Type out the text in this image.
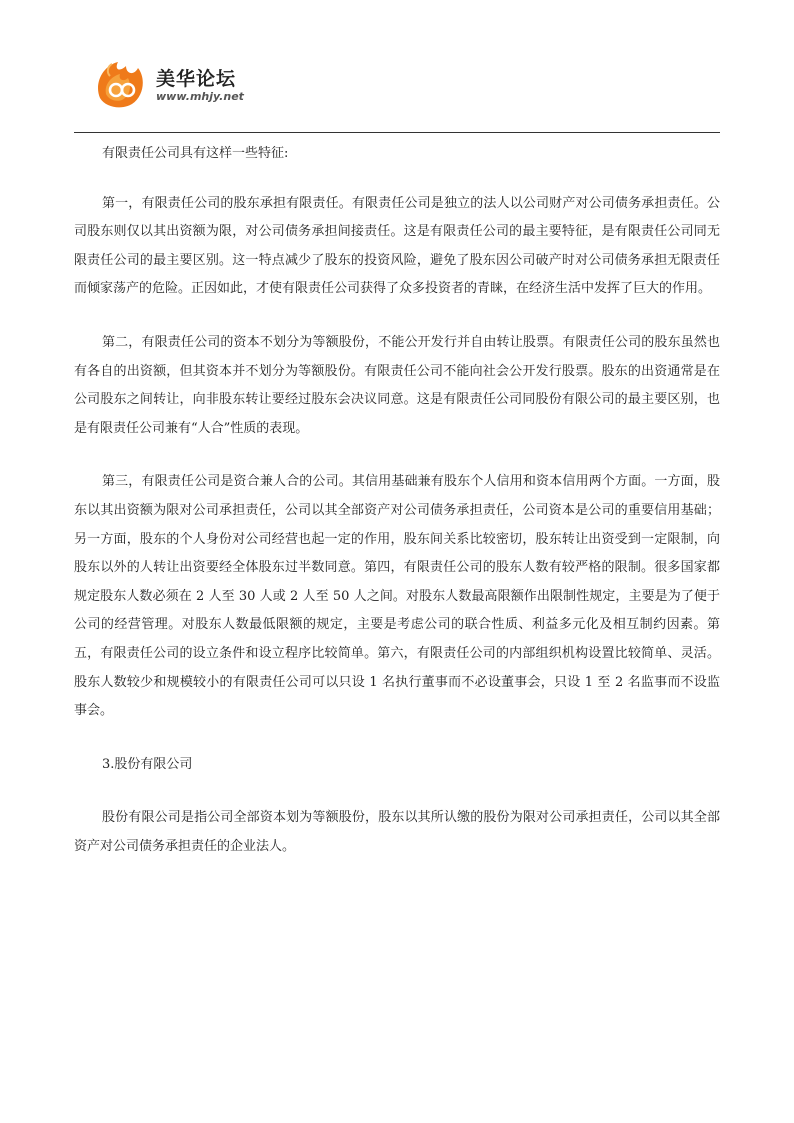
美华论坛
www.mhjy.net

有限责任公司具有这样一些特征:

第一，有限责任公司的股东承担有限责任。有限责任公司是独立的法人以公司财产对公司债务承担责任。公司股东则仅以其出资额为限，对公司债务承担间接责任。这是有限责任公司的最主要特征，是有限责任公司同无限责任公司的最主要区别。这一特点减少了股东的投资风险，避免了股东因公司破产时对公司债务承担无限责任而倾家荡产的危险。正因如此，才使有限责任公司获得了众多投资者的青睐，在经济生活中发挥了巨大的作用。

第二，有限责任公司的资本不划分为等额股份，不能公开发行并自由转让股票。有限责任公司的股东虽然也有各自的出资额，但其资本并不划分为等额股份。有限责任公司不能向社会公开发行股票。股东的出资通常是在公司股东之间转让，向非股东转让要经过股东会决议同意。这是有限责任公司同股份有限公司的最主要区别，也是有限责任公司兼有“人合”性质的表现。

第三，有限责任公司是资合兼人合的公司。其信用基础兼有股东个人信用和资本信用两个方面。一方面，股东以其出资额为限对公司承担责任，公司以其全部资产对公司债务承担责任，公司资本是公司的重要信用基础；另一方面，股东的个人身份对公司经营也起一定的作用，股东间关系比较密切，股东转让出资受到一定限制，向股东以外的人转让出资要经全体股东过半数同意。第四，有限责任公司的股东人数有较严格的限制。很多国家都规定股东人数必须在 2 人至 30 人或 2 人至 50 人之间。对股东人数最高限额作出限制性规定，主要是为了便于公司的经营管理。对股东人数最低限额的规定，主要是考虑公司的联合性质、利益多元化及相互制约因素。第五，有限责任公司的设立条件和设立程序比较简单。第六，有限责任公司的内部组织机构设置比较简单、灵活。股东人数较少和规模较小的有限责任公司可以只设 1 名执行董事而不必设董事会，只设 1 至 2 名监事而不设监事会。

3.股份有限公司

股份有限公司是指公司全部资本划为等额股份，股东以其所认缴的股份为限对公司承担责任，公司以其全部资产对公司债务承担责任的企业法人。
